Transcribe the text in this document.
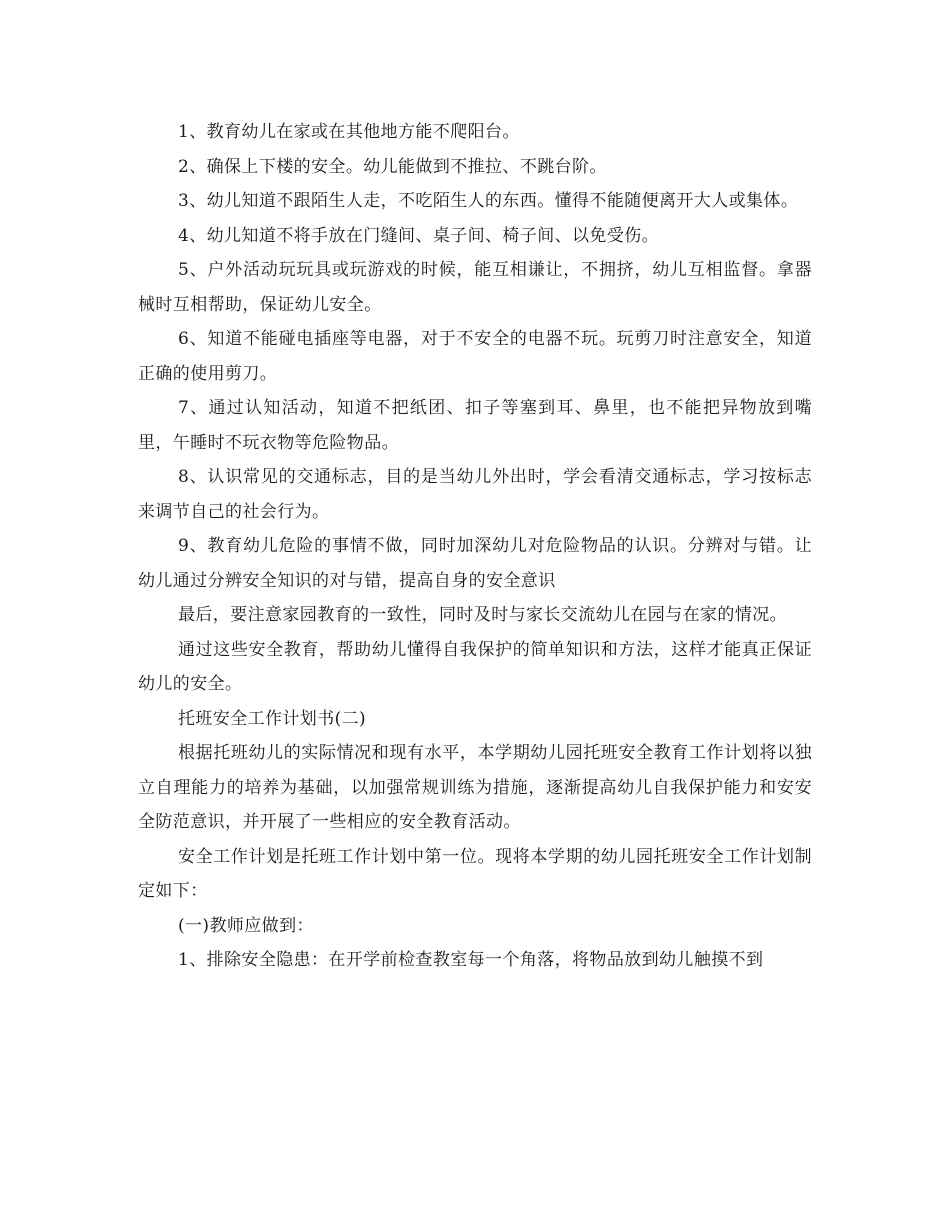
1、教育幼儿在家或在其他地方能不爬阳台。

2、确保上下楼的安全。幼儿能做到不推拉、不跳台阶。

3、幼儿知道不跟陌生人走，不吃陌生人的东西。懂得不能随便离开大人或集体。

4、幼儿知道不将手放在门缝间、桌子间、椅子间、以免受伤。

5、户外活动玩玩具或玩游戏的时候，能互相谦让，不拥挤，幼儿互相监督。拿器械时互相帮助，保证幼儿安全。

6、知道不能碰电插座等电器，对于不安全的电器不玩。玩剪刀时注意安全，知道正确的使用剪刀。

7、通过认知活动，知道不把纸团、扣子等塞到耳、鼻里，也不能把异物放到嘴里，午睡时不玩衣物等危险物品。

8、认识常见的交通标志，目的是当幼儿外出时，学会看清交通标志，学习按标志来调节自己的社会行为。

9、教育幼儿危险的事情不做，同时加深幼儿对危险物品的认识。分辨对与错。让幼儿通过分辨安全知识的对与错，提高自身的安全意识

最后，要注意家园教育的一致性，同时及时与家长交流幼儿在园与在家的情况。

通过这些安全教育，帮助幼儿懂得自我保护的简单知识和方法，这样才能真正保证幼儿的安全。

托班安全工作计划书(二)

根据托班幼儿的实际情况和现有水平，本学期幼儿园托班安全教育工作计划将以独立自理能力的培养为基础，以加强常规训练为措施，逐渐提高幼儿自我保护能力和安安全防范意识，并开展了一些相应的安全教育活动。

安全工作计划是托班工作计划中第一位。现将本学期的幼儿园托班安全工作计划制定如下：

(一)教师应做到：

1、排除安全隐患：在开学前检查教室每一个角落，将物品放到幼儿触摸不到
